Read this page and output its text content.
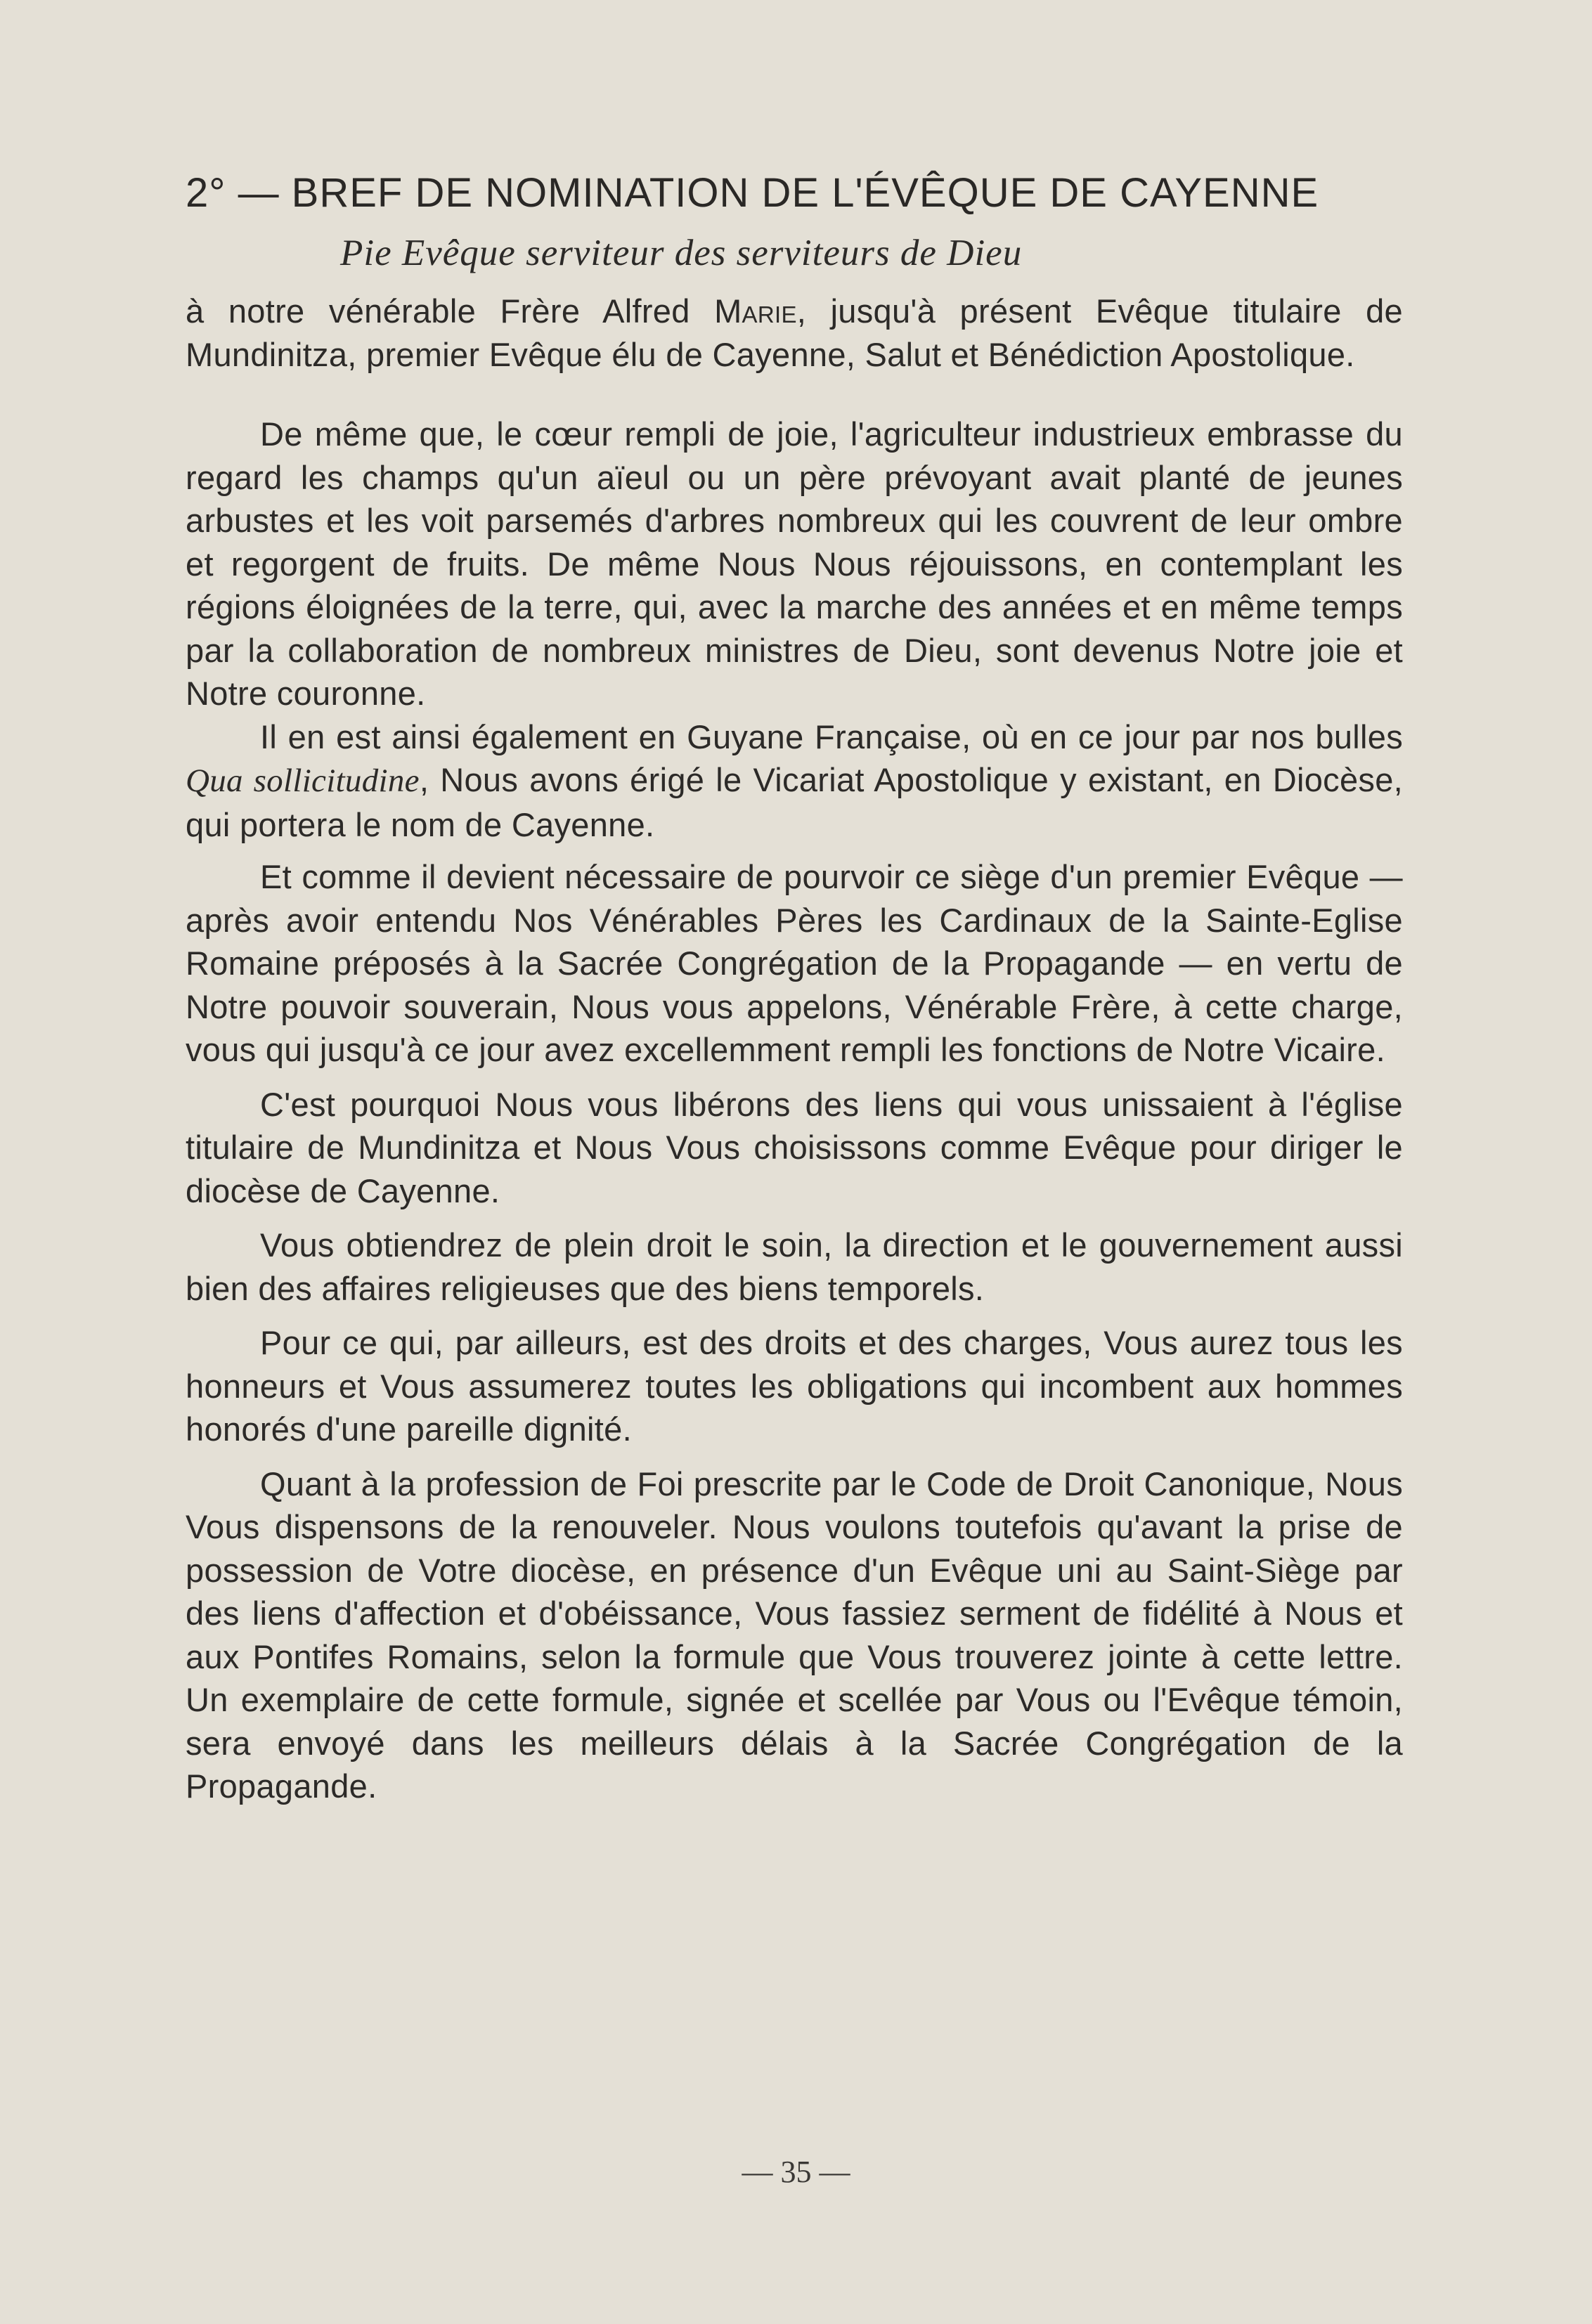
2° — BREF DE NOMINATION DE L'ÉVÊQUE DE CAYENNE

Pie Evêque serviteur des serviteurs de Dieu

à notre vénérable Frère Alfred Marie, jusqu'à présent Evêque titulaire de Mundinitza, premier Evêque élu de Cayenne, Salut et Bénédiction Apostolique.

De même que, le cœur rempli de joie, l'agriculteur industrieux embrasse du regard les champs qu'un aïeul ou un père prévoyant avait planté de jeunes arbustes et les voit parsemés d'arbres nombreux qui les couvrent de leur ombre et regorgent de fruits. De même Nous Nous réjouissons, en contemplant les régions éloignées de la terre, qui, avec la marche des années et en même temps par la collaboration de nombreux ministres de Dieu, sont devenus Notre joie et Notre couronne.

Il en est ainsi également en Guyane Française, où en ce jour par nos bulles Qua sollicitudine, Nous avons érigé le Vicariat Apostolique y existant, en Diocèse, qui portera le nom de Cayenne.

Et comme il devient nécessaire de pourvoir ce siège d'un premier Evêque — après avoir entendu Nos Vénérables Pères les Cardinaux de la Sainte-Eglise Romaine préposés à la Sacrée Congrégation de la Propagande — en vertu de Notre pouvoir souverain, Nous vous appelons, Vénérable Frère, à cette charge, vous qui jusqu'à ce jour avez excellemment rempli les fonctions de Notre Vicaire.

C'est pourquoi Nous vous libérons des liens qui vous unissaient à l'église titulaire de Mundinitza et Nous Vous choisissons comme Evêque pour diriger le diocèse de Cayenne.

Vous obtiendrez de plein droit le soin, la direction et le gouvernement aussi bien des affaires religieuses que des biens temporels.

Pour ce qui, par ailleurs, est des droits et des charges, Vous aurez tous les honneurs et Vous assumerez toutes les obligations qui incombent aux hommes honorés d'une pareille dignité.

Quant à la profession de Foi prescrite par le Code de Droit Canonique, Nous Vous dispensons de la renouveler. Nous voulons toutefois qu'avant la prise de possession de Votre diocèse, en présence d'un Evêque uni au Saint-Siège par des liens d'affection et d'obéissance, Vous fassiez serment de fidélité à Nous et aux Pontifes Romains, selon la formule que Vous trouverez jointe à cette lettre. Un exemplaire de cette formule, signée et scellée par Vous ou l'Evêque témoin, sera envoyé dans les meilleurs délais à la Sacrée Congrégation de la Propagande.

— 35 —
